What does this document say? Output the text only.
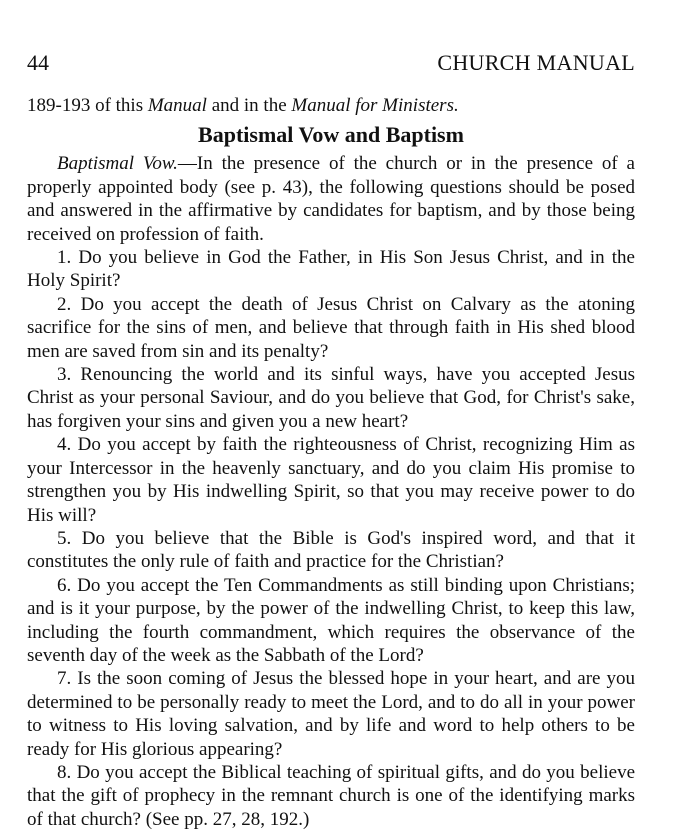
44	CHURCH MANUAL

189-193 of this Manual and in the Manual for Ministers.

Baptismal Vow and Baptism

Baptismal Vow.—In the presence of the church or in the presence of a properly appointed body (see p. 43), the following questions should be posed and answered in the affirmative by candidates for baptism, and by those being received on profession of faith.

1. Do you believe in God the Father, in His Son Jesus Christ, and in the Holy Spirit?

2. Do you accept the death of Jesus Christ on Calvary as the atoning sacrifice for the sins of men, and believe that through faith in His shed blood men are saved from sin and its penalty?

3. Renouncing the world and its sinful ways, have you accepted Jesus Christ as your personal Saviour, and do you believe that God, for Christ's sake, has forgiven your sins and given you a new heart?

4. Do you accept by faith the righteousness of Christ, recognizing Him as your Intercessor in the heavenly sanctuary, and do you claim His promise to strengthen you by His indwelling Spirit, so that you may receive power to do His will?

5. Do you believe that the Bible is God's inspired word, and that it constitutes the only rule of faith and practice for the Christian?

6. Do you accept the Ten Commandments as still binding upon Christians; and is it your purpose, by the power of the indwelling Christ, to keep this law, including the fourth commandment, which requires the observance of the seventh day of the week as the Sabbath of the Lord?

7. Is the soon coming of Jesus the blessed hope in your heart, and are you determined to be personally ready to meet the Lord, and to do all in your power to witness to His loving salvation, and by life and word to help others to be ready for His glorious appearing?

8. Do you accept the Biblical teaching of spiritual gifts, and do you believe that the gift of prophecy in the remnant church is one of the identifying marks of that church? (See pp. 27, 28, 192.)
